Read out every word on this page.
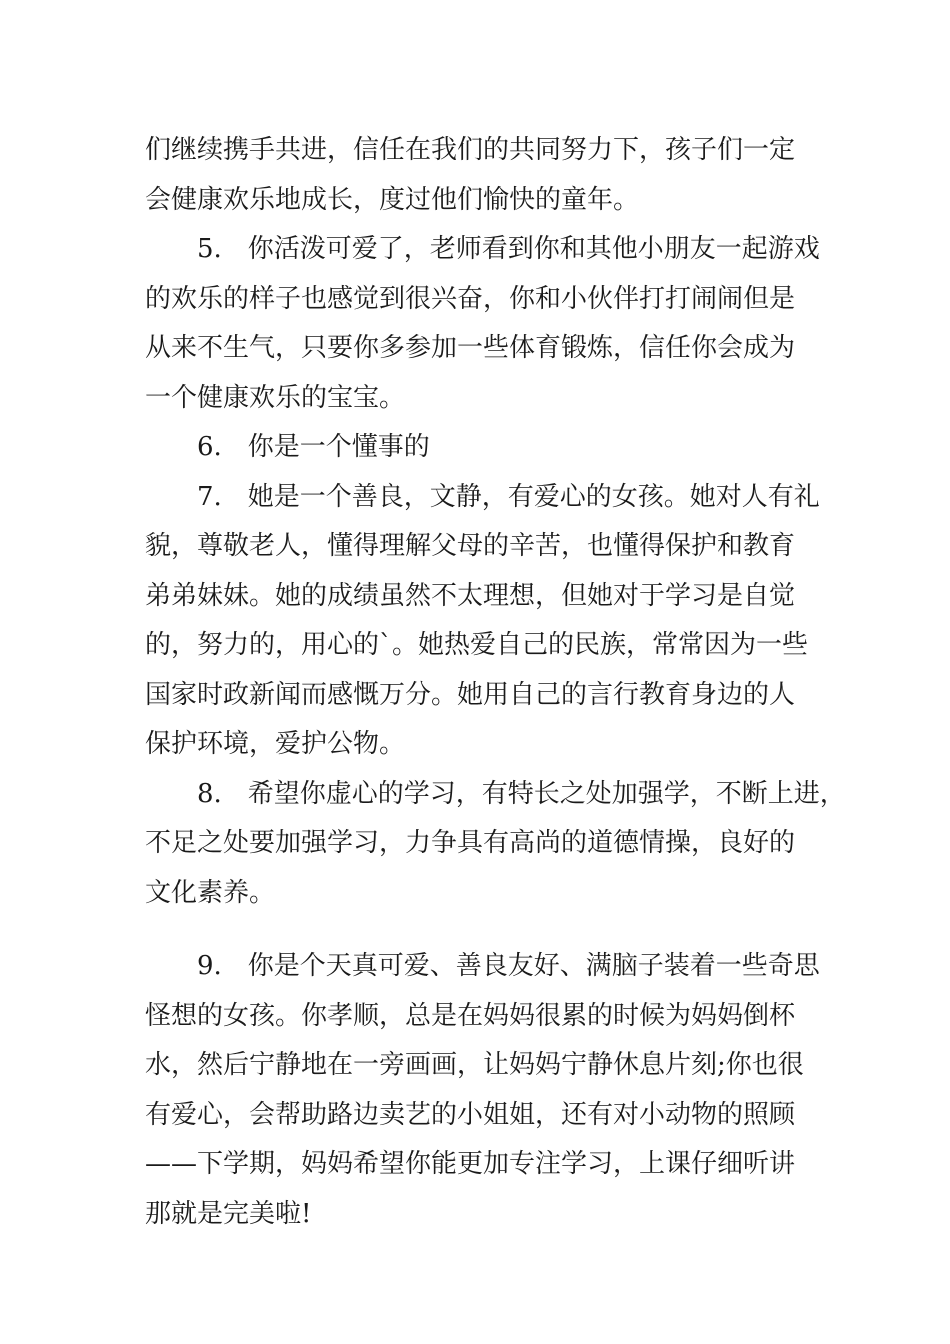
们继续携手共进，信任在我们的共同努力下，孩子们一定
会健康欢乐地成长，度过他们愉快的童年。
5.　你活泼可爱了，老师看到你和其他小朋友一起游戏
的欢乐的样子也感觉到很兴奋，你和小伙伴打打闹闹但是
从来不生气，只要你多参加一些体育锻炼，信任你会成为
一个健康欢乐的宝宝。
6.　你是一个懂事的
7.　她是一个善良，文静，有爱心的女孩。她对人有礼
貌，尊敬老人，懂得理解父母的辛苦，也懂得保护和教育
弟弟妹妹。她的成绩虽然不太理想，但她对于学习是自觉
的，努力的，用心的`。她热爱自己的民族，常常因为一些
国家时政新闻而感慨万分。她用自己的言行教育身边的人
保护环境，爱护公物。
8.　希望你虚心的学习，有特长之处加强学，不断上进，
不足之处要加强学习，力争具有高尚的道德情操，良好的
文化素养。
9.　你是个天真可爱、善良友好、满脑子装着一些奇思
怪想的女孩。你孝顺，总是在妈妈很累的时候为妈妈倒杯
水，然后宁静地在一旁画画，让妈妈宁静休息片刻;你也很
有爱心，会帮助路边卖艺的小姐姐，还有对小动物的照顾
——下学期，妈妈希望你能更加专注学习，上课仔细听讲
那就是完美啦!
